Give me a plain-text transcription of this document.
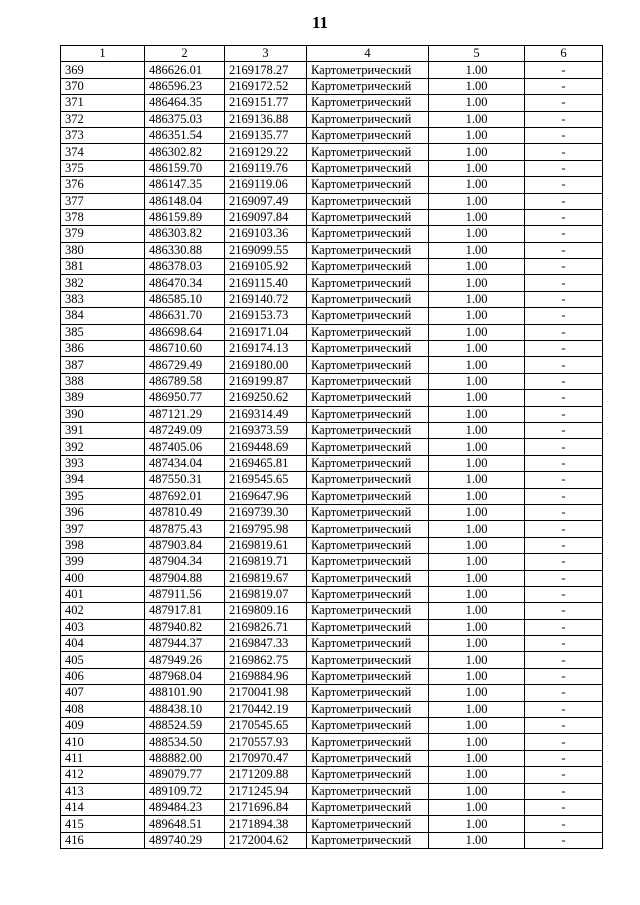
11
1	2	3	4	5	6
369	486626.01	2169178.27	Картометрический	1.00	-
370	486596.23	2169172.52	Картометрический	1.00	-
371	486464.35	2169151.77	Картометрический	1.00	-
372	486375.03	2169136.88	Картометрический	1.00	-
373	486351.54	2169135.77	Картометрический	1.00	-
374	486302.82	2169129.22	Картометрический	1.00	-
375	486159.70	2169119.76	Картометрический	1.00	-
376	486147.35	2169119.06	Картометрический	1.00	-
377	486148.04	2169097.49	Картометрический	1.00	-
378	486159.89	2169097.84	Картометрический	1.00	-
379	486303.82	2169103.36	Картометрический	1.00	-
380	486330.88	2169099.55	Картометрический	1.00	-
381	486378.03	2169105.92	Картометрический	1.00	-
382	486470.34	2169115.40	Картометрический	1.00	-
383	486585.10	2169140.72	Картометрический	1.00	-
384	486631.70	2169153.73	Картометрический	1.00	-
385	486698.64	2169171.04	Картометрический	1.00	-
386	486710.60	2169174.13	Картометрический	1.00	-
387	486729.49	2169180.00	Картометрический	1.00	-
388	486789.58	2169199.87	Картометрический	1.00	-
389	486950.77	2169250.62	Картометрический	1.00	-
390	487121.29	2169314.49	Картометрический	1.00	-
391	487249.09	2169373.59	Картометрический	1.00	-
392	487405.06	2169448.69	Картометрический	1.00	-
393	487434.04	2169465.81	Картометрический	1.00	-
394	487550.31	2169545.65	Картометрический	1.00	-
395	487692.01	2169647.96	Картометрический	1.00	-
396	487810.49	2169739.30	Картометрический	1.00	-
397	487875.43	2169795.98	Картометрический	1.00	-
398	487903.84	2169819.61	Картометрический	1.00	-
399	487904.34	2169819.71	Картометрический	1.00	-
400	487904.88	2169819.67	Картометрический	1.00	-
401	487911.56	2169819.07	Картометрический	1.00	-
402	487917.81	2169809.16	Картометрический	1.00	-
403	487940.82	2169826.71	Картометрический	1.00	-
404	487944.37	2169847.33	Картометрический	1.00	-
405	487949.26	2169862.75	Картометрический	1.00	-
406	487968.04	2169884.96	Картометрический	1.00	-
407	488101.90	2170041.98	Картометрический	1.00	-
408	488438.10	2170442.19	Картометрический	1.00	-
409	488524.59	2170545.65	Картометрический	1.00	-
410	488534.50	2170557.93	Картометрический	1.00	-
411	488882.00	2170970.47	Картометрический	1.00	-
412	489079.77	2171209.88	Картометрический	1.00	-
413	489109.72	2171245.94	Картометрический	1.00	-
414	489484.23	2171696.84	Картометрический	1.00	-
415	489648.51	2171894.38	Картометрический	1.00	-
416	489740.29	2172004.62	Картометрический	1.00	-
